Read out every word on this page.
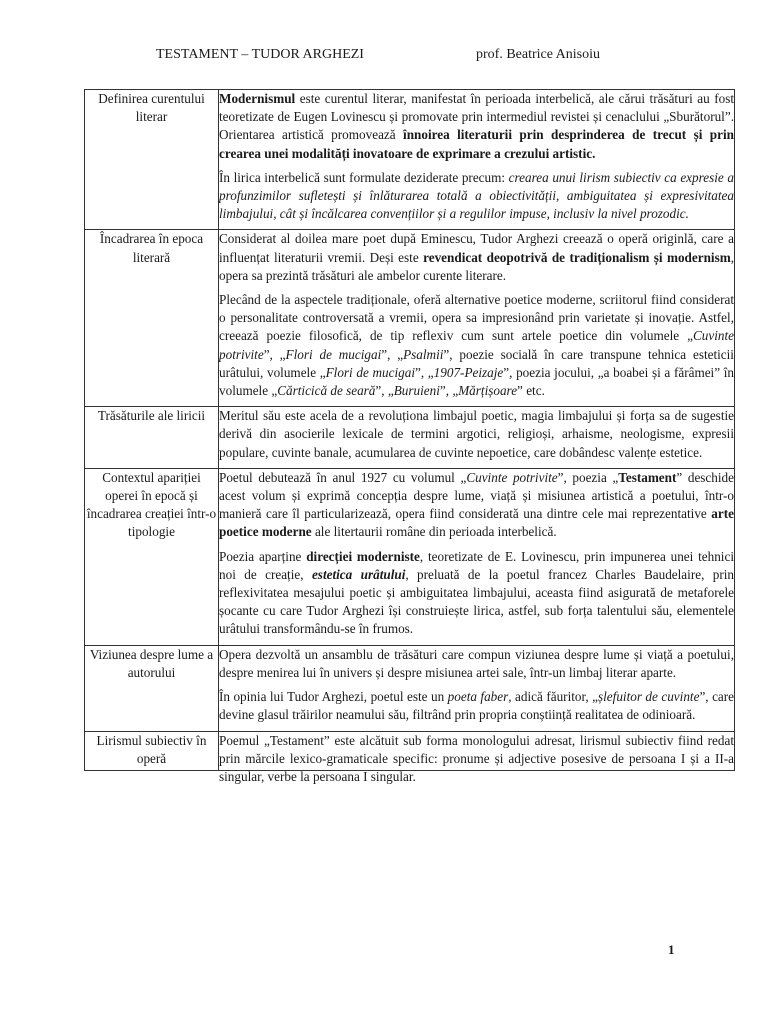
TESTAMENT – TUDOR ARGHEZI	prof. Beatrice Anisoiu
Definirea curentului literar	Modernismul este curentul literar, manifestat în perioada interbelică, ale cărui trăsături au fost teoretizate de Eugen Lovinescu și promovate prin intermediul revistei și cenaclului „Sburătorul”. Orientarea artistică promovează înnoirea literaturii prin desprinderea de trecut și prin crearea unei modalități inovatoare de exprimare a crezului artistic.

În lirica interbelică sunt formulate deziderate precum: crearea unui lirism subiectiv ca expresie a profunzimilor sufletești și înlăturarea totală a obiectivității, ambiguitatea și expresivitatea limbajului, cât și încălcarea convențiilor și a regulilor impuse, inclusiv la nivel prozodic.

Încadrarea în epoca literară	Considerat al doilea mare poet după Eminescu, Tudor Arghezi creează o operă originlă, care a influențat literaturii vremii. Deși este revendicat deopotrivă de tradiționalism și modernism, opera sa prezintă trăsături ale ambelor curente literare.

Plecând de la aspectele tradiționale, oferă alternative poetice moderne, scriitorul fiind considerat o personalitate controversată a vremii, opera sa impresionând prin varietate și inovație. Astfel, creează poezie filosofică, de tip reflexiv cum sunt artele poetice din volumele „Cuvinte potrivite”, „Flori de mucigai”, „Psalmii”, poezie socială în care transpune tehnica esteticii urâtului, volumele „Flori de mucigai”, „1907-Peizaje”, poezia jocului, „a boabei și a fărâmei” în volumele „Cărticică de seară”, „Buruieni”, „Mărțișoare” etc.

Trăsăturile ale liricii	Meritul său este acela de a revoluționa limbajul poetic, magia limbajului și forța sa de sugestie derivă din asocierile lexicale de termini argotici, religioși, arhaisme, neologisme, expresii populare, cuvinte banale, acumularea de cuvinte nepoetice, care dobândesc valențe estetice.

Contextul apariției operei în epocă și încadrarea creației într-o tipologie	Poetul debutează în anul 1927 cu volumul „Cuvinte potrivite”, poezia „Testament” deschide acest volum și exprimă concepția despre lume, viață și misiunea artistică a poetului, într-o manieră care îl particularizează, opera fiind considerată una dintre cele mai reprezentative arte poetice moderne ale litertaurii române din perioada interbelică.

Poezia aparține direcției moderniste, teoretizate de E. Lovinescu, prin impunerea unei tehnici noi de creație, estetica urâtului, preluată de la poetul francez Charles Baudelaire, prin reflexivitatea mesajului poetic și ambiguitatea limbajului, aceasta fiind asigurată de metaforele șocante cu care Tudor Arghezi își construiește lirica, astfel, sub forța talentului său, elementele urâtului transformându-se în frumos.

Viziunea despre lume a autorului	Opera dezvoltă un ansamblu de trăsături care compun viziunea despre lume și viață a poetului, despre menirea lui în univers și despre misiunea artei sale, într-un limbaj literar aparte.

În opinia lui Tudor Arghezi, poetul este un poeta faber, adică făuritor, „șlefuitor de cuvinte”, care devine glasul trăirilor neamului său, filtrând prin propria conștiință realitatea de odinioară.

Lirismul subiectiv în operă	Poemul „Testament” este alcătuit sub forma monologului adresat, lirismul subiectiv fiind redat prin mărcile lexico-gramaticale specific: pronume și adjective posesive de persoana I și a II-a singular, verbe la persoana I singular.

1
